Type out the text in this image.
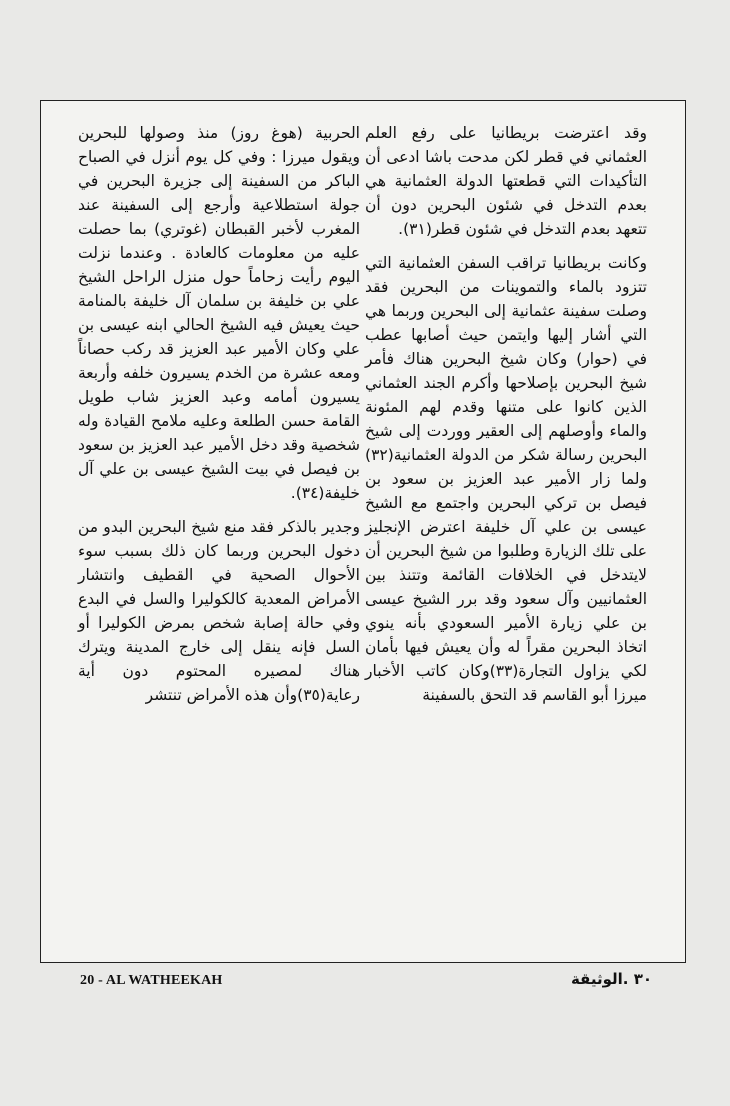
وقد اعترضت بريطانيا على رفع العلم العثماني في قطر لكن مدحت باشا ادعى أن التأكيدات التي قطعتها الدولة العثمانية هي بعدم التدخل في شئون البحرين دون أن تتعهد بعدم التدخل في شئون قطر(٣١).

وكانت بريطانيا تراقب السفن العثمانية التي تتزود بالماء والتموينات من البحرين فقد وصلت سفينة عثمانية إلى البحرين وربما هي التي أشار إليها وايتمن حيث أصابها عطب في (حوار) وكان شيخ البحرين هناك فأمر شيخ البحرين بإصلاحها وأكرم الجند العثماني الذين كانوا على متنها وقدم لهم المئونة والماء وأوصلهم إلى العقير ووردت إلى شيخ البحرين رسالة شكر من الدولة العثمانية(٣٢) ولما زار الأمير عبد العزيز بن سعود بن فيصل بن تركي البحرين واجتمع مع الشيخ عيسى بن علي آل خليفة اعترض الإنجليز على تلك الزيارة وطلبوا من شيخ البحرين أن لايتدخل في الخلافات القائمة وتتنذ بين العثمانيين وآل سعود وقد برر الشيخ عيسى بن علي زيارة الأمير السعودي بأنه ينوي اتخاذ البحرين مقراً له وأن يعيش فيها بأمان لكي يزاول التجارة(٣٣)وكان كاتب الأخبار ميرزا أبو القاسم قد التحق بالسفينة

الحربية (هوغ روز) منذ وصولها للبحرين ويقول ميرزا : وفي كل يوم أنزل في الصباح الباكر من السفينة إلى جزيرة البحرين في جولة استطلاعية وأرجع إلى السفينة عند المغرب لأخبر القبطان (غوتري) بما حصلت عليه من معلومات كالعادة . وعندما نزلت اليوم رأيت زحاماً حول منزل الراحل الشيخ علي بن خليفة بن سلمان آل خليفة بالمنامة حيث يعيش فيه الشيخ الحالي ابنه عيسى بن علي وكان الأمير عبد العزيز قد ركب حصاناً ومعه عشرة من الخدم يسيرون خلفه وأربعة يسيرون أمامه وعبد العزيز شاب طويل القامة حسن الطلعة وعليه ملامح القيادة وله شخصية وقد دخل الأمير عبد العزيز بن سعود بن فيصل في بيت الشيخ عيسى بن علي آل خليفة(٣٤).

وجدير بالذكر فقد منع شيخ البحرين البدو من دخول البحرين وربما كان ذلك بسبب سوء الأحوال الصحية في القطيف وانتشار الأمراض المعدية كالكوليرا والسل في البدع وفي حالة إصابة شخص بمرض الكوليرا أو السل فإنه ينقل إلى خارج المدينة ويترك هناك لمصيره المحتوم دون أية رعاية(٣٥)وأن هذه الأمراض تنتشر

20 - AL WATHEEKAH	٣٠ .الوثيقة
